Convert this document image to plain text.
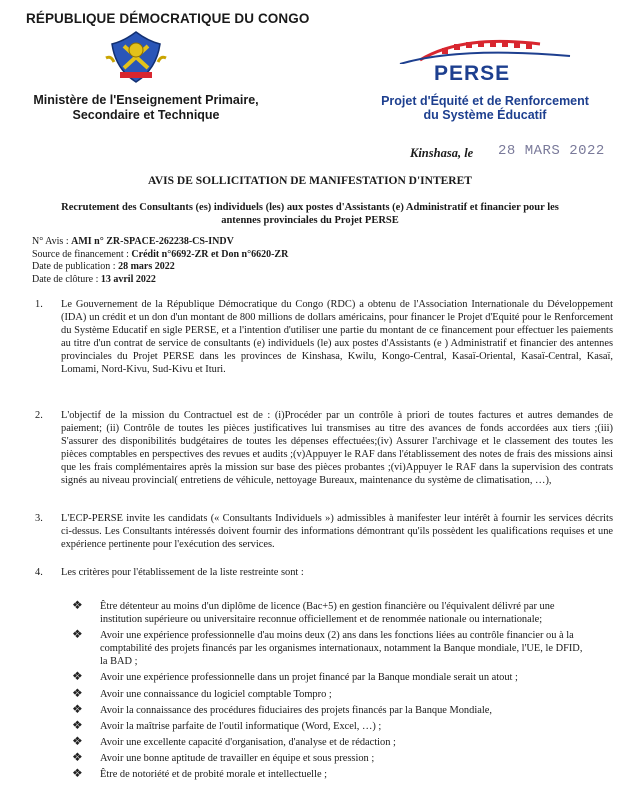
RÉPUBLIQUE DÉMOCRATIQUE DU CONGO
Ministère de l'Enseignement Primaire,
Secondaire et Technique
PERSE
Projet d'Équité et de Renforcement
du Système Éducatif
Kinshasa, le 28 MARS 2022
AVIS DE SOLLICITATION DE MANIFESTATION D'INTERET
Recrutement des Consultants (es) individuels (les) aux postes d'Assistants (e) Administratif et financier pour les
antennes provinciales du Projet PERSE
N° Avis : AMI n° ZR-SPACE-262238-CS-INDV
Source de financement : Crédit n°6692-ZR et Don n°6620-ZR
Date de publication : 28 mars 2022
Date de clôture : 13 avril 2022
1.	Le Gouvernement de la République Démocratique du Congo (RDC) a obtenu de l'Association Internationale du Développement (IDA) un crédit et un don d'un montant de 800 millions de dollars américains, pour financer le Projet d'Equité pour le Renforcement du Système Educatif en sigle PERSE, et a l'intention d'utiliser une partie du montant de ce financement pour effectuer les paiements au titre d'un contrat de service de consultants (e) individuels (le) aux postes d'Assistants (e ) Administratif et financier des antennes provinciales du Projet PERSE dans les provinces de Kinshasa, Kwilu, Kongo-Central, Kasaï-Oriental, Kasaï-Central, Kasaï, Lomami, Nord-Kivu, Sud-Kivu et Ituri.
2.	L'objectif de la mission du Contractuel est de : (i)Procéder par un contrôle à priori de toutes factures et autres demandes de paiement; (ii) Contrôle de toutes les pièces justificatives lui transmises au titre des avances de fonds accordées aux tiers ;(iii) S'assurer des disponibilités budgétaires de toutes les dépenses effectuées;(iv) Assurer l'archivage et le classement des toutes les pièces comptables en perspectives des revues et audits ;(v)Appuyer le RAF dans l'établissement des notes de frais des missions ainsi que les frais complémentaires après la mission sur base des pièces probantes ;(vi)Appuyer le RAF dans la supervision des contrats signés au niveau provincial( entretiens de véhicule, nettoyage Bureaux, maintenance du système de climatisation, …),
3.	L'ECP-PERSE invite les candidats (« Consultants Individuels ») admissibles à manifester leur intérêt à fournir les services décrits ci-dessus. Les Consultants intéressés doivent fournir des informations démontrant qu'ils possèdent les qualifications requises et une expérience pertinente pour l'exécution des services.
4.	Les critères pour l'établissement de la liste restreinte sont :
❖ Être détenteur au moins d'un diplôme de licence (Bac+5) en gestion financière ou l'équivalent délivré par une institution supérieure ou universitaire reconnue officiellement et de renommée nationale ou internationale;
❖ Avoir une expérience professionnelle d'au moins deux (2) ans dans les fonctions liées au contrôle financier ou à la comptabilité des projets financés par les organismes internationaux, notamment la Banque mondiale, l'UE, le DFID, la BAD ;
❖ Avoir une expérience professionnelle dans un projet financé par la Banque mondiale serait un atout ;
❖ Avoir une connaissance du logiciel comptable Tompro ;
❖ Avoir la connaissance des procédures fiduciaires des projets financés par la Banque Mondiale,
❖ Avoir la maîtrise parfaite de l'outil informatique (Word, Excel, …) ;
❖ Avoir une excellente capacité d'organisation, d'analyse et de rédaction ;
❖ Avoir une bonne aptitude de travailler en équipe et sous pression ;
❖ Être de notoriété et de probité morale et intellectuelle ;
